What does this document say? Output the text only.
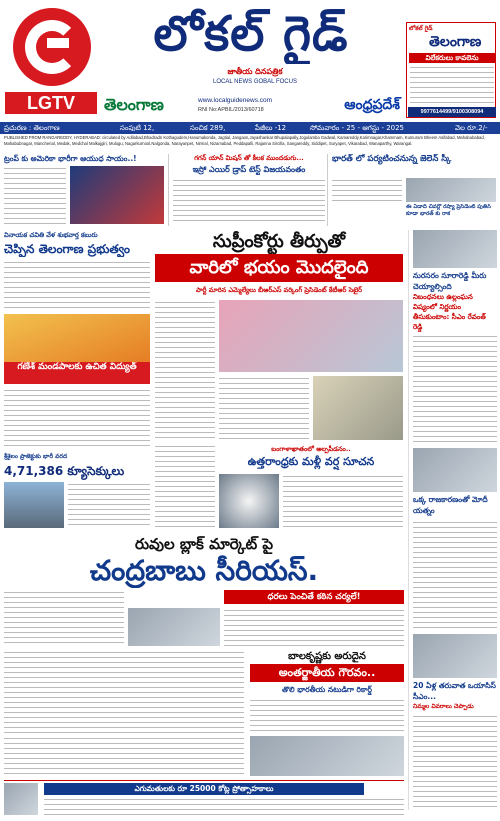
LGTV
లోకల్ గైడ్
జాతీయ దినపత్రిక
LOCAL NEWS GOBAL FOCUS
తెలంగాణ	www.localguidenews.com
RNI No:APBIL/2013/60718	ఆంధ్రప్రదేశ్
లోకల్ గైడ్
తెలంగాణ
విలేకరులు కావలెను
9977614499/9100308094
ప్రచురణ : తెలంగాణ	సంపుటి 12,	సంచిక 289,	పేజీలు -12	సోమవారం - 25 - ఆగస్టు - 2025	వెల రూ.2/-
PUBLISHED FROM RANGAREDDY, HYDERABAD: circulated by Adilabad,Bhadradri Kothagudem,Hanumakonda, Jagtial, Jangaon,Jayashankar Bhupalapally,Jogulamba Gadwal, Kamareddy,Karimnagar,Khammam, Kumuram Bheem Asifabad, Mahabubabad, Mahabubnagar, Mancherial, Medak, Medchal Malkajgiri, Mulugu, Nagarkurnool,Nalgonda, Narayanpet, Nirmal, Nizamabad, Peddapalli, Rajanna Sircilla, Sangareddy, Siddipet, Suryapet, Vikarabad, Wanaparthy, Warangal.
ట్రంప్ కు అమెరికా భారీగా ఆయుధ సాయం..!	గగన్ యాన్ మిషన్ తో కీలక ముందడుగు...
ఇస్రో ఎయిర్ డ్రాప్ టెస్ట్ విజయవంతం
భారత్ లో పర్యటించనున్న జెలెన్ స్కీ
ఈ ఏడాది చివర్లో రష్యా ప్రెసిడెంట్ పుతిన్ కూడా భారత్ కు రాక
వినాయక చవితి వేళ శుభవార్త కబురు
చెప్పిన తెలంగాణ ప్రభుత్వం
గణేశ్ మండపాలకు ఉచిత విద్యుత్
శ్రీశైలం ప్రాజెక్టుకు భారీ వరద
4,71,386 క్యూసెక్కులు
సుప్రీంకోర్టు తీర్పుతో
వారిలో భయం మొదలైంది
పార్టీ మారిన ఎమ్మెల్యేలు బీఆర్ఎస్ వర్కింగ్ ప్రెసిడెంట్ కేటీఆర్ సెటైర్
బంగాళాఖాతంలో అల్పపీడనం..
ఉత్తరాంధ్రకు మళ్లీ వర్ష సూచన
నురసరం సూరారెడ్డి మీరు చెయ్యాల్సింది
నిబంధనలు ఉల్లంఘన విష్యంలో నిర్ణయం తీసుకుంటాం: సీఎం రేవంత్ రెడ్డి
ఒక్క రాజకారణంతో మోదీ యత్నం
20 ఏళ్ల తరువాత ఒయాసిస్ సీఎం...
నిమ్మల వివరాలు చెప్పాడు
రువుల బ్లాక్ మార్కెట్ పై
చంద్రబాబు సీరియస్.
ధరలు పెంచితే కఠిన చర్యలే!
బాలకృష్ణకు అరుదైన
అంతర్జాతీయ గౌరవం..
తొలి భారతీయ నటుడిగా రికార్డ్
ఎగుమతులకు రూ 25000 కోట్ల ప్రోత్సాహకాలు
